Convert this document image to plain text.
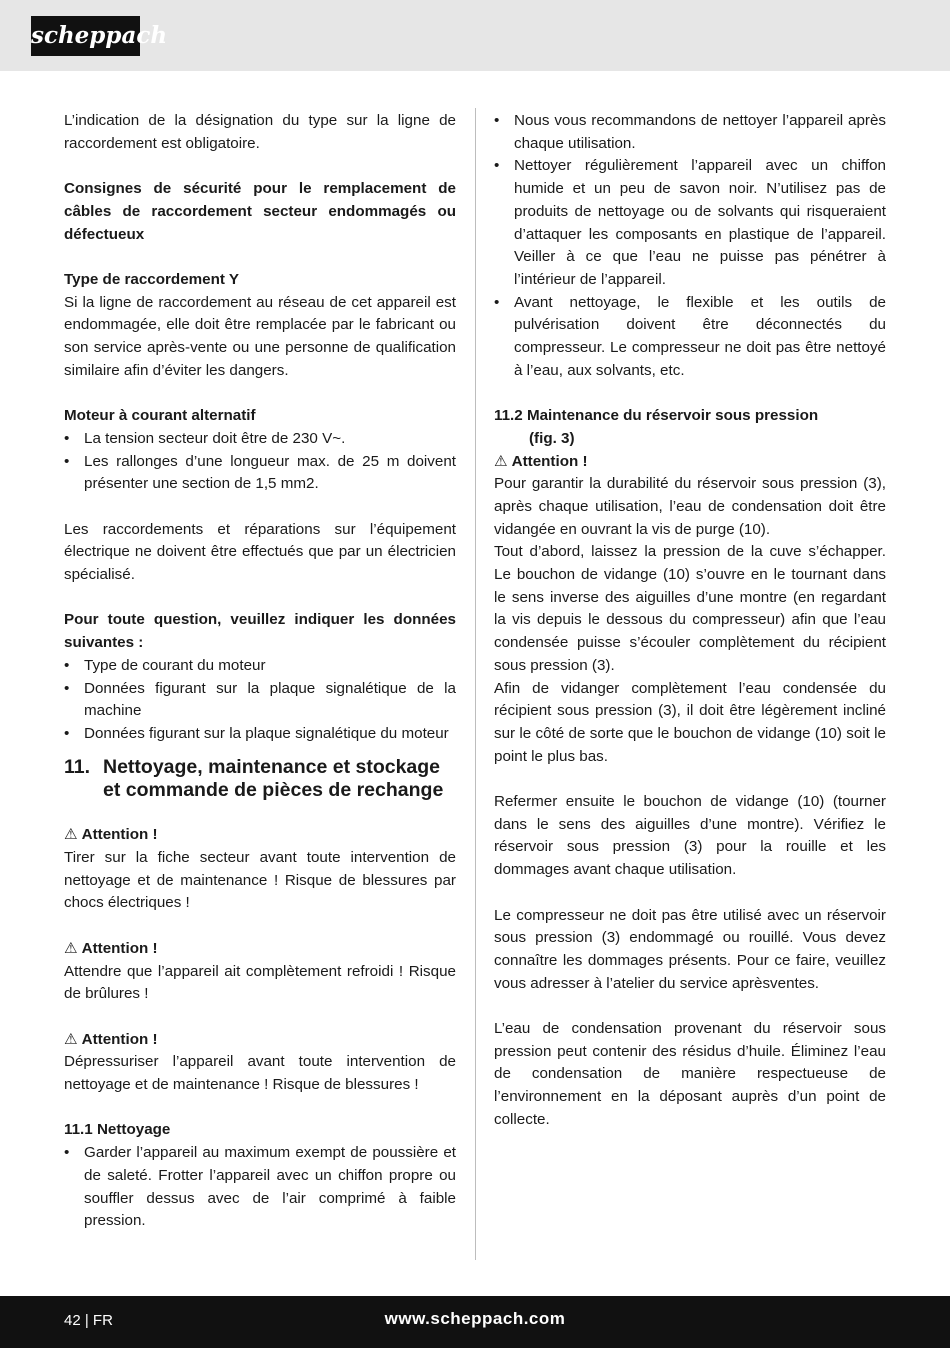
scheppach

L’indication de la désignation du type sur la ligne de raccordement est obligatoire.

Consignes de sécurité pour le remplacement de câbles de raccordement secteur endommagés ou défectueux

Type de raccordement Y

Si la ligne de raccordement au réseau de cet appareil est endommagée, elle doit être remplacée par le fabricant ou son service après-vente ou une personne de qualification similaire afin d’éviter les dangers.

Moteur à courant alternatif

• La tension secteur doit être de 230 V~.
• Les rallonges d’une longueur max. de 25 m doivent présenter une section de 1,5 mm2.

Les raccordements et réparations sur l’équipement électrique ne doivent être effectués que par un électricien spécialisé.

Pour toute question, veuillez indiquer les données suivantes :

• Type de courant du moteur
• Données figurant sur la plaque signalétique de la machine
• Données figurant sur la plaque signalétique du moteur
11. Nettoyage, maintenance et stockage et commande de pièces de rechange

⚠ Attention !

Tirer sur la fiche secteur avant toute intervention de nettoyage et de maintenance ! Risque de blessures par chocs électriques !

⚠ Attention !

Attendre que l’appareil ait complètement refroidi ! Risque de brûlures !

⚠ Attention !

Dépressuriser l’appareil avant toute intervention de nettoyage et de maintenance ! Risque de blessures !

11.1 Nettoyage

• Garder l’appareil au maximum exempt de poussière et de saleté. Frotter l’appareil avec un chiffon propre ou souffler dessus avec de l’air comprimé à faible pression.
• Nous vous recommandons de nettoyer l’appareil après chaque utilisation.
• Nettoyer régulièrement l’appareil avec un chiffon humide et un peu de savon noir. N’utilisez pas de produits de nettoyage ou de solvants qui risqueraient d’attaquer les composants en plastique de l’appareil. Veiller à ce que l’eau ne puisse pas pénétrer à l’intérieur de l’appareil.
• Avant nettoyage, le flexible et les outils de pulvérisation doivent être déconnectés du compresseur. Le compresseur ne doit pas être nettoyé à l’eau, aux solvants, etc.

11.2 Maintenance du réservoir sous pression

(fig. 3)

⚠ Attention !

Pour garantir la durabilité du réservoir sous pression (3), après chaque utilisation, l’eau de condensation doit être vidangée en ouvrant la vis de purge (10).

Tout d’abord, laissez la pression de la cuve s’échapper. Le bouchon de vidange (10) s’ouvre en le tournant dans le sens inverse des aiguilles d’une montre (en regardant la vis depuis le dessous du compresseur) afin que l’eau condensée puisse s’écouler complètement du récipient sous pression (3).

Afin de vidanger complètement l’eau condensée du récipient sous pression (3), il doit être légèrement incliné sur le côté de sorte que le bouchon de vidange (10) soit le point le plus bas.

Refermer ensuite le bouchon de vidange (10) (tourner dans le sens des aiguilles d’une montre). Vérifiez le réservoir sous pression (3) pour la rouille et les dommages avant chaque utilisation.

Le compresseur ne doit pas être utilisé avec un réservoir sous pression (3) endommagé ou rouillé. Vous devez connaître les dommages présents. Pour ce faire, veuillez vous adresser à l’atelier du service aprèsventes.

L’eau de condensation provenant du réservoir sous pression peut contenir des résidus d’huile. Éliminez l’eau de condensation de manière respectueuse de l’environnement en la déposant auprès d’un point de collecte.

42 | FR	www.scheppach.com
